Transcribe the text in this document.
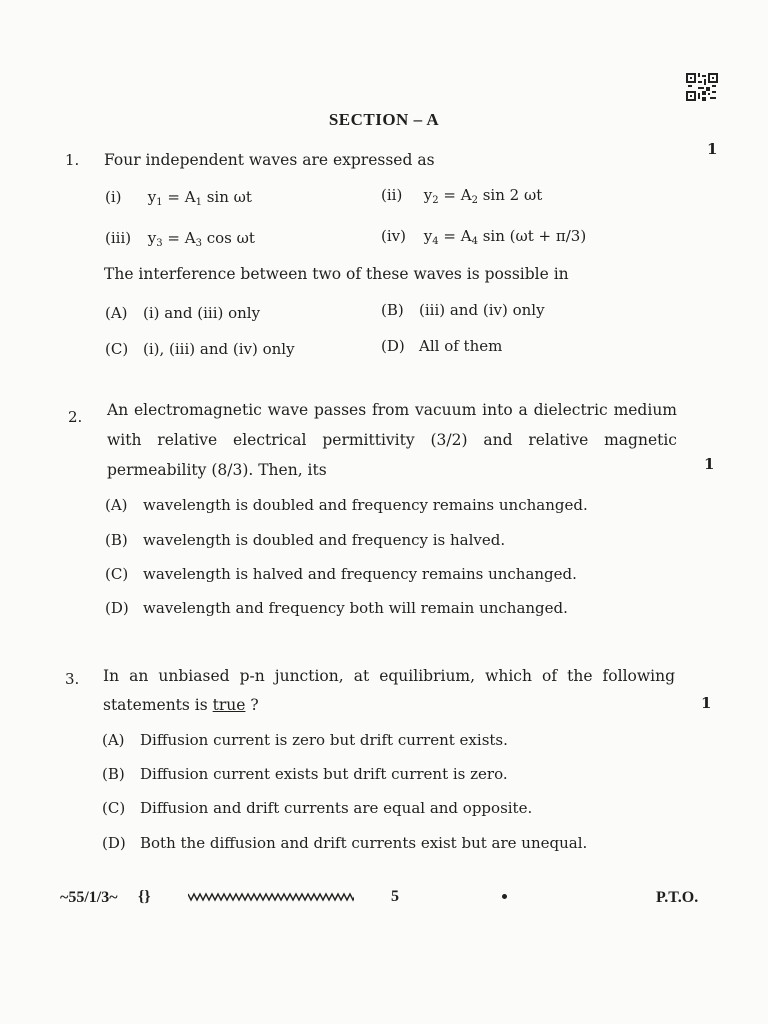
SECTION – A
1. Four independent waves are expressed as
1
(i) $y_1 = A_1$ sin ωt	(ii) $y_2 = A_2$ sin 2 ωt
(iii) $y_3 = A_3$ cos ωt	(iv) $y_4 = A_4$ sin (ωt + π/3)
The interference between two of these waves is possible in
(A) (i) and (iii) only	(B) (iii) and (iv) only
(C) (i), (iii) and (iv) only	(D) All of them
2. An electromagnetic wave passes from vacuum into a dielectric medium
with relative electrical permittivity (3/2) and relative magnetic
permeability (8/3). Then, its	1
(A) wavelength is doubled and frequency remains unchanged.
(B) wavelength is doubled and frequency is halved.
(C) wavelength is halved and frequency remains unchanged.
(D) wavelength and frequency both will remain unchanged.
3. In an unbiased p-n junction, at equilibrium, which of the following
statements is true ?	1
(A) Diffusion current is zero but drift current exists.
(B) Diffusion current exists but drift current is zero.
(C) Diffusion and drift currents are equal and opposite.
(D) Both the diffusion and drift currents exist but are unequal.
~55/1/3~ {}	5	P.T.O.
